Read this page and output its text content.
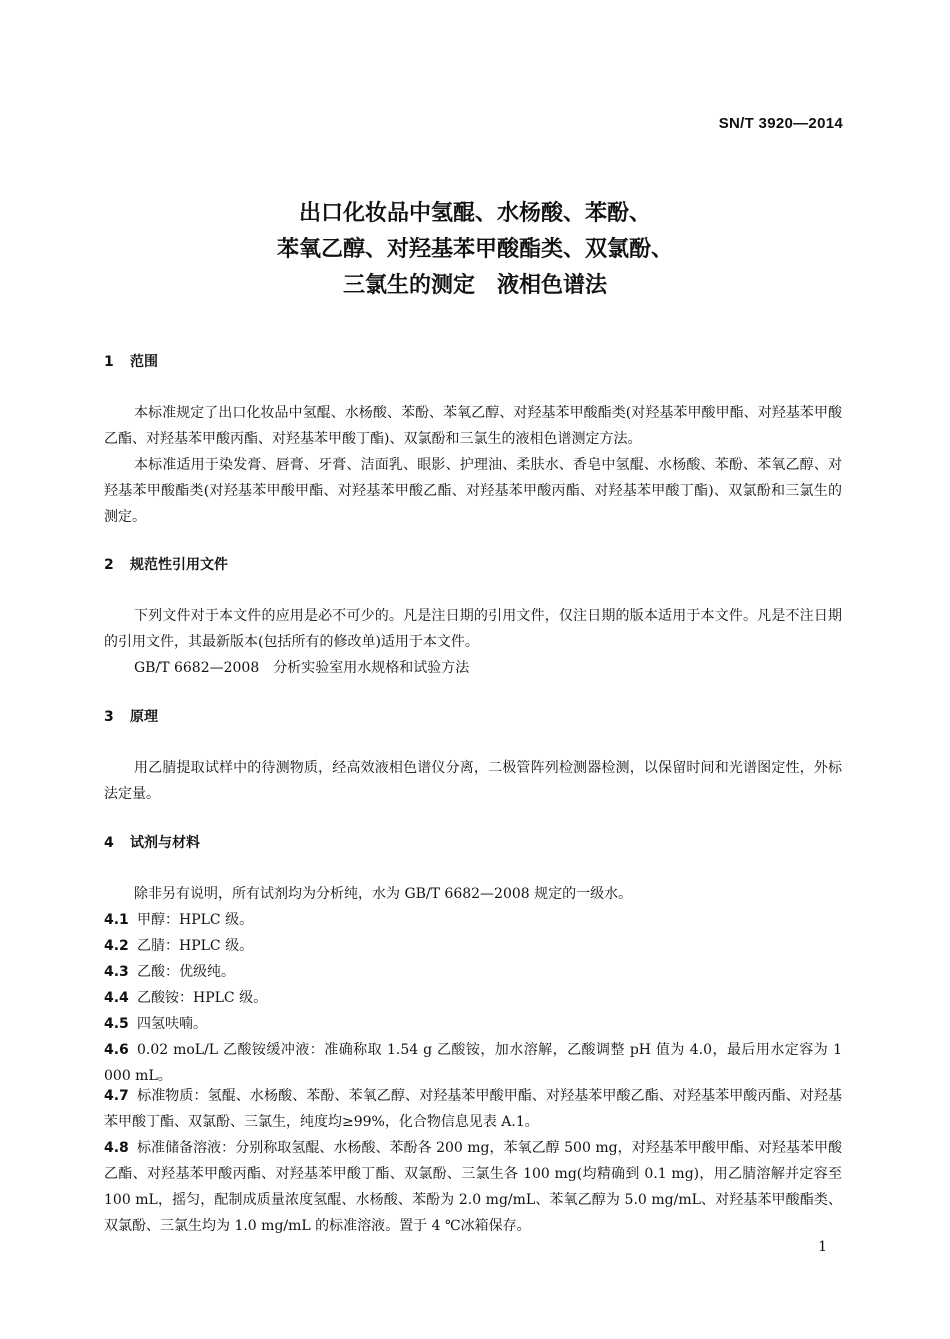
SN/T 3920—2014
出口化妆品中氢醌、水杨酸、苯酚、
苯氧乙醇、对羟基苯甲酸酯类、双氯酚、
三氯生的测定　液相色谱法
1 范围
本标准规定了出口化妆品中氢醌、水杨酸、苯酚、苯氧乙醇、对羟基苯甲酸酯类(对羟基苯甲酸甲酯、对羟基苯甲酸乙酯、对羟基苯甲酸丙酯、对羟基苯甲酸丁酯)、双氯酚和三氯生的液相色谱测定方法。
本标准适用于染发膏、唇膏、牙膏、洁面乳、眼影、护理油、柔肤水、香皂中氢醌、水杨酸、苯酚、苯氧乙醇、对羟基苯甲酸酯类(对羟基苯甲酸甲酯、对羟基苯甲酸乙酯、对羟基苯甲酸丙酯、对羟基苯甲酸丁酯)、双氯酚和三氯生的测定。
2 规范性引用文件
下列文件对于本文件的应用是必不可少的。凡是注日期的引用文件，仅注日期的版本适用于本文件。凡是不注日期的引用文件，其最新版本(包括所有的修改单)适用于本文件。
GB/T 6682—2008　分析实验室用水规格和试验方法
3 原理
用乙腈提取试样中的待测物质，经高效液相色谱仪分离，二极管阵列检测器检测，以保留时间和光谱图定性，外标法定量。
4 试剂与材料
除非另有说明，所有试剂均为分析纯，水为 GB/T 6682—2008 规定的一级水。
4.1 甲醇：HPLC 级。
4.2 乙腈：HPLC 级。
4.3 乙酸：优级纯。
4.4 乙酸铵：HPLC 级。
4.5 四氢呋喃。
4.6 0.02 moL/L 乙酸铵缓冲液：准确称取 1.54 g 乙酸铵，加水溶解，乙酸调整 pH 值为 4.0，最后用水定容为 1 000 mL。
4.7 标准物质：氢醌、水杨酸、苯酚、苯氧乙醇、对羟基苯甲酸甲酯、对羟基苯甲酸乙酯、对羟基苯甲酸丙酯、对羟基苯甲酸丁酯、双氯酚、三氯生，纯度均≥99%，化合物信息见表 A.1。
4.8 标准储备溶液：分别称取氢醌、水杨酸、苯酚各 200 mg，苯氧乙醇 500 mg，对羟基苯甲酸甲酯、对羟基苯甲酸乙酯、对羟基苯甲酸丙酯、对羟基苯甲酸丁酯、双氯酚、三氯生各 100 mg(均精确到 0.1 mg)，用乙腈溶解并定容至 100 mL，摇匀，配制成质量浓度氢醌、水杨酸、苯酚为 2.0 mg/mL、苯氧乙醇为 5.0 mg/mL、对羟基苯甲酸酯类、双氯酚、三氯生均为 1.0 mg/mL 的标准溶液。置于 4 ℃冰箱保存。
1
